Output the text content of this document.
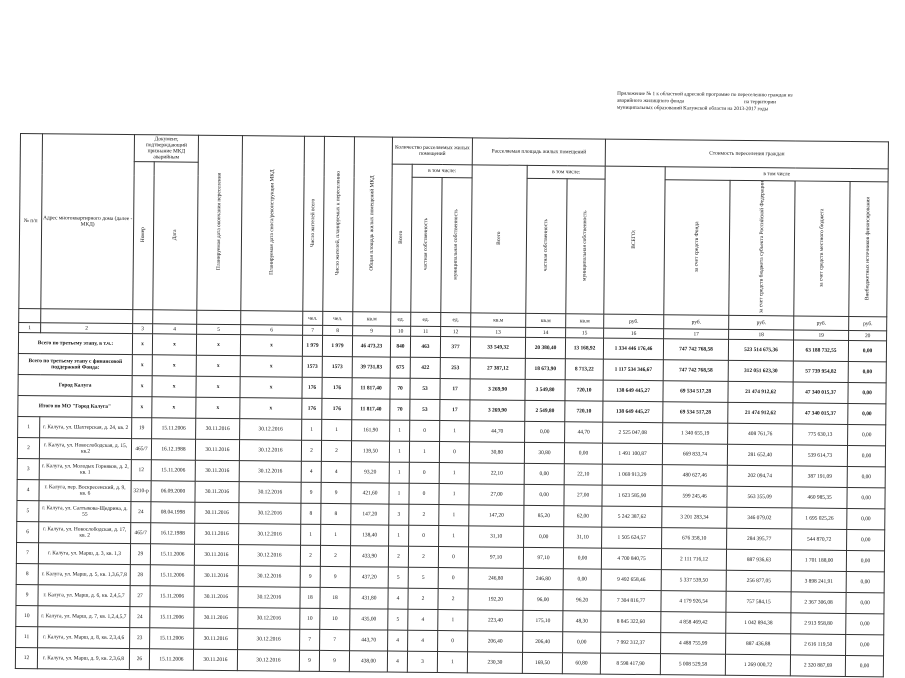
Приложение № 1 к областной адресной программе по переселению граждан из
аварийного жилищного фонда	на территории
муниципальных образований Калужской области на 2013-2017 годы
№ п/п	Адрес многоквартирного дома (далее - МКД)	Документ, подтверждающий признание МКД аварийным		Планируемая дата окончания переселения	Планируемая дата сноса/реконструкции МКД	Число жителей всего	Число жителей, планируемых к переселению	Общая площадь жилых помещений МКД	Количество расселяемых жилых помещений			Расселяемая площадь жилых помещений			Стоимость переселения граждан				
		Номер	Дата						Всего	в том числе:		Всего	в том числе:		ВСЕГО:	в том числе			
										частная собственность	муниципальная собственность		частная собственность	муниципальная собственность		за счет средств Фонда	за счет средств бюджета субъекта Российской Федерации	за счет средств местного бюджета	Внебюджетных источников финансирования
						чел.	чел.	кв.м	ед.	ед.	ед.	кв.м	кв.м	кв.м	руб.	руб.	руб.	руб.	руб.
1	2	3	4	5	6	7	8	9	10	11	12	13	14	15	16	17	18	19	20
Всего по третьему этапу, в т.ч.:		x	x	x	x	1 979	1 979	46 473,23	840	463	377	33 549,32	20 380,40	13 168,92	1 334 446 176,46	747 742 768,58	523 514 675,36	63 188 732,55	0,00
Всего по третьему этапу с финансовой поддержкой Фонда:		x	x	x	x	1573	1573	39 731,83	675	422	253	27 387,12	18 673,90	8 713,22	1 117 534 346,67	747 742 768,58	312 051 623,30	57 739 954,82	0,00
Город Калуга		x	x	x	x	176	176	11 817,40	70	53	17	3 269,90	3 549,80	720,10	138 649 445,27	69 534 517,28	21 474 912,62	47 340 015,37	0,00
Итого по МО "Город Калуга"		x	x	x	x	176	176	11 817,40	70	53	17	3 269,90	2 549,80	720,10	138 649 445,27	69 534 517,28	21 474 912,62	47 340 015,37	0,00
1	г. Калуга, ул. Шахтерская, д. 24, кв. 2	19	15.11.2006	30.11.2016	30.12.2016	1	1	161,90	1	0	1	44,70	0,00	44,70	2 525 047,08	1 340 655,19	408 761,76	775 630,13	0,00
2	г. Калуга, ул. Новослободская, д. 15, кв.2	465/7	16.12.1988	30.11.2016	30.12.2016	2	2	139,50	1	1	0	30,80	30,80	0,00	1 491 100,87	669 833,74	281 652,40	539 614,73	0,00
3	г. Калуга, ул. Молодых Горняков, д. 2, кв. 1	12	15.11.2006	30.11.2016	30.12.2016	4	4	93,20	1	0	1	22,10	0,00	22,10	1 069 913,29	480 627,46	202 094,74	387 191,09	0,00
4	г. Калуга, пер. Воскресенский, д. 9, кв. 6	3210-р	06.09.2000	30.11.2016	30.12.2016	9	9	421,60	1	0	1	27,00	0,00	27,00	1 623 585,90	599 245,46	563 355,09	460 985,35	0,00
5	г. Калуга, ул. Салтыкова-Щедрина, д. 55	24	08.04.1998	30.11.2016	30.12.2016	8	8	147,20	3	2	1	147,20	85,20	62,00	5 242 387,62	3 201 283,34	346 079,02	1 695 025,26	0,00
6	г. Калуга, ул. Новослободская, д. 17, кв. 2	465/7	16.12.1988	30.11.2016	30.12.2016	1	1	138,40	1	0	1	31,10	0,00	31,10	1 505 624,57	676 358,10	284 395,77	544 870,72	0,00
7	г. Калуга, ул. Марш, д. 3, кв. 1,3	29	15.11.2006	30.11.2016	30.12.2016	2	2	433,90	2	2	0	97,10	97,10	0,00	4 700 840,75	2 111 716,12	887 936,63	1 701 188,00	0,00
8	г. Калуга, ул. Марш, д. 5, кв. 1,3,6,7,8	28	15.11.2006	30.11.2016	30.12.2016	9	9	437,20	5	5	0	246,80	246,80	0,00	9 492 658,46	5 337 539,50	256 877,05	3 898 241,91	0,00
9	г. Калуга, ул. Марш, д. 6, кв. 2,4,5,7	27	15.11.2006	30.11.2016	30.12.2016	18	18	431,80	4	2	2	192,20	96,00	96,20	7 304 816,77	4 179 926,54	757 584,15	2 367 306,08	0,00
10	г. Калуга, ул. Марш, д. 7, кв. 1,2,4,5,7	24	15.11.2006	30.11.2016	30.12.2016	10	10	435,00	5	4	1	223,40	175,10	48,30	8 845 322,60	4 858 469,42	1 042 894,38	2 913 958,80	0,00
11	г. Калуга, ул. Марш, д. 8, кв. 2,3,4,6	23	15.11.2006	30.11.2016	30.12.2016	7	7	443,70	4	4	0	206,40	206,40	0,00	7 992 312,37	4 488 755,99	887 436,88	2 616 119,50	0,00
12	г. Калуга, ул. Марш, д. 9, кв. 2,3,6,8	26	15.11.2006	30.11.2016	30.12.2016	9	9	438,00	4	3	1	230,30	169,50	60,80	8 598 417,90	5 008 529,58	1 269 000,72	2 320 887,69	0,00
